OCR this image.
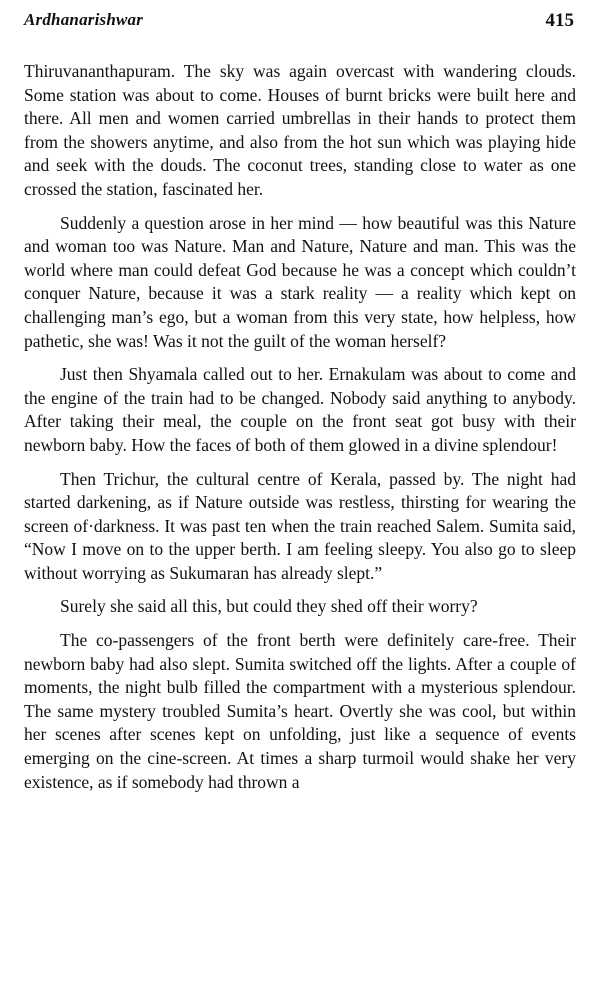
Ardhanarishwar	415

Thiruvananthapuram. The sky was again overcast with wandering clouds. Some station was about to come. Houses of burnt bricks were built here and there. All men and women carried umbrellas in their hands to protect them from the showers anytime, and also from the hot sun which was playing hide and seek with the douds. The coconut trees, standing close to water as one crossed the station, fascinated her.

Suddenly a question arose in her mind — how beautiful was this Nature and woman too was Nature. Man and Nature, Nature and man. This was the world where man could defeat God because he was a concept which couldn’t conquer Nature, because it was a stark reality — a reality which kept on challenging man’s ego, but a woman from this very state, how helpless, how pathetic, she was! Was it not the guilt of the woman herself?

Just then Shyamala called out to her. Ernakulam was about to come and the engine of the train had to be changed. Nobody said anything to anybody. After taking their meal, the couple on the front seat got busy with their newborn baby. How the faces of both of them glowed in a divine splendour!

Then Trichur, the cultural centre of Kerala, passed by. The night had started darkening, as if Nature outside was restless, thirsting for wearing the screen of·darkness. It was past ten when the train reached Salem. Sumita said, “Now I move on to the upper berth. I am feeling sleepy. You also go to sleep without worrying as Sukumaran has already slept.”

Surely she said all this, but could they shed off their worry?

The co-passengers of the front berth were definitely care-free. Their newborn baby had also slept. Sumita switched off the lights. After a couple of moments, the night bulb filled the compartment with a mysterious splendour. The same mystery troubled Sumita’s heart. Overtly she was cool, but within her scenes after scenes kept on unfolding, just like a sequence of events emerging on the cine-screen. At times a sharp turmoil would shake her very existence, as if somebody had thrown a
